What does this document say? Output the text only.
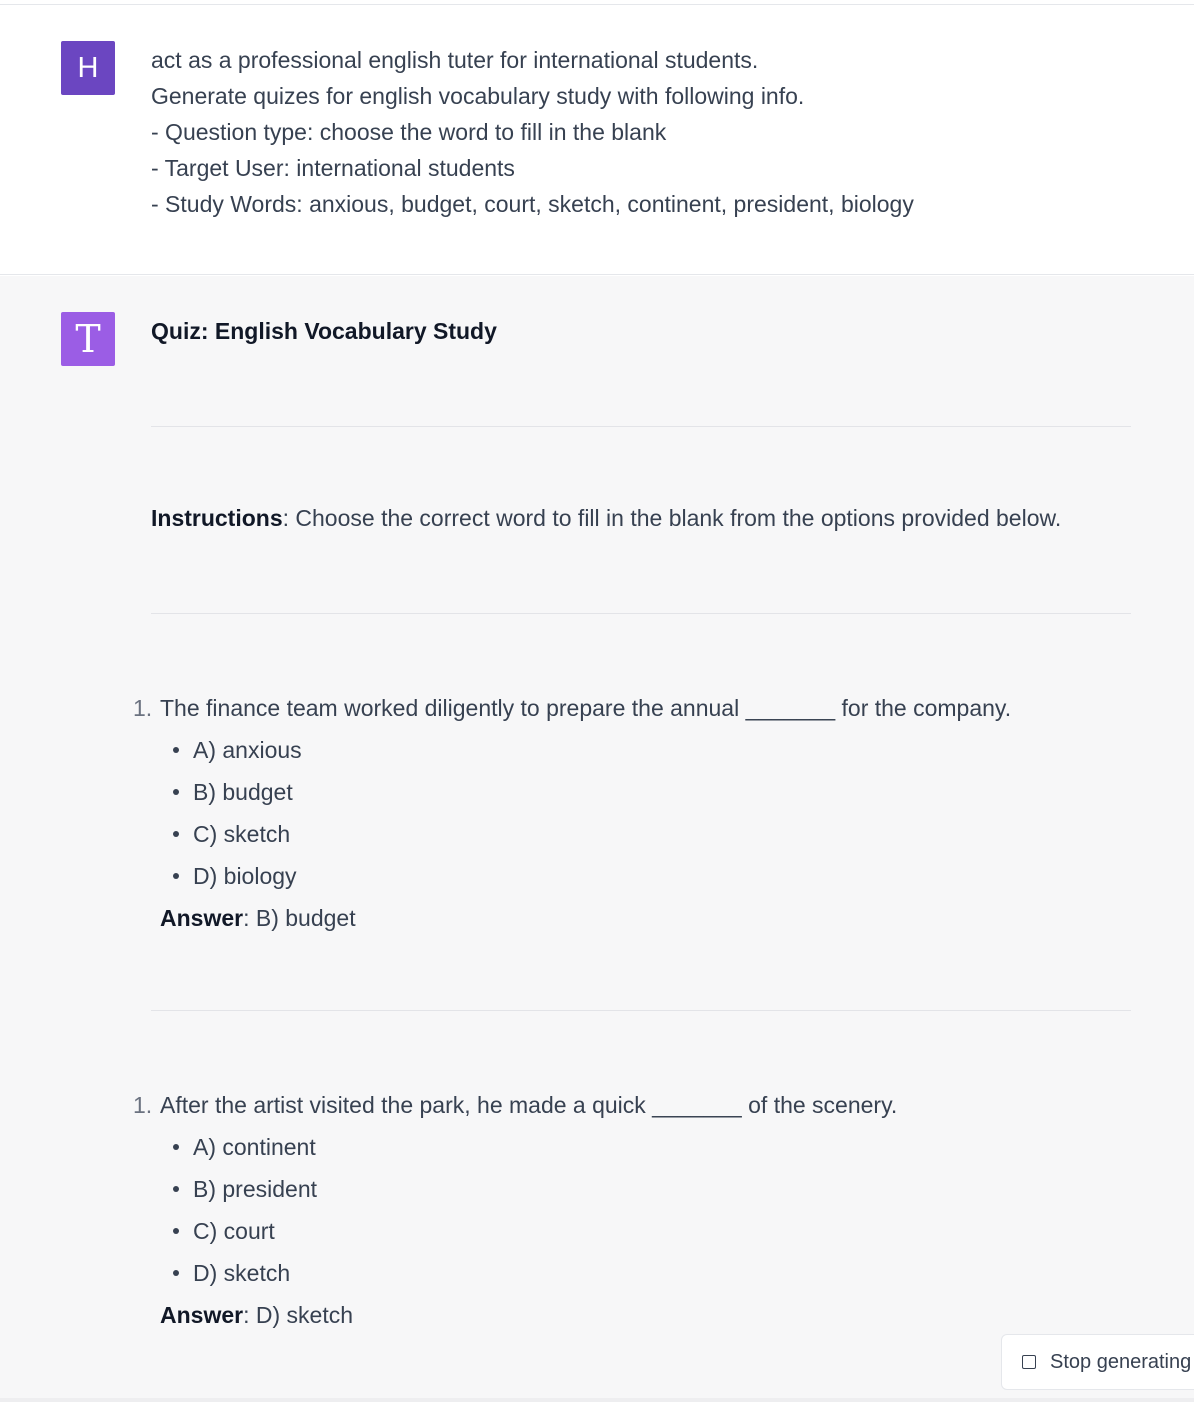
H	act as a professional english tuter for international students.
Generate quizes for english vocabulary study with following info.
- Question type: choose the word to fill in the blank
- Target User: international students
- Study Words: anxious, budget, court, sketch, continent, president, biology
T	Quiz: English Vocabulary Study
Instructions: Choose the correct word to fill in the blank from the options provided below.
1. The finance team worked diligently to prepare the annual _______ for the company.
A) anxious
B) budget
C) sketch
D) biology
Answer: B) budget
1. After the artist visited the park, he made a quick _______ of the scenery.
A) continent
B) president
C) court
D) sketch
Answer: D) sketch
Stop generating
